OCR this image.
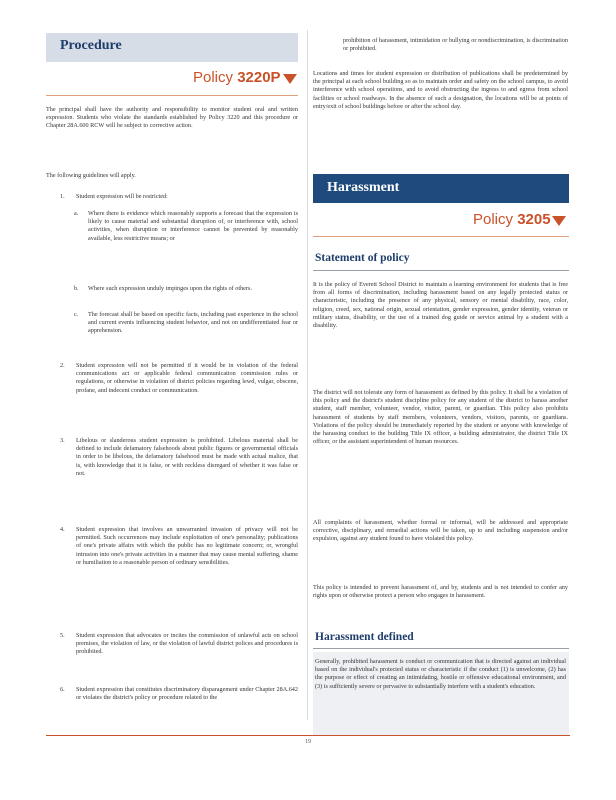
Procedure
Policy 3220P
The principal shall have the authority and responsibility to monitor student oral and written expression. Students who violate the standards established by Policy 3220 and this procedure or Chapter 28A.600 RCW will be subject to corrective action.
The following guidelines will apply.
1. Student expression will be restricted:
a. Where there is evidence which reasonably supports a forecast that the expression is likely to cause material and substantial disruption of, or interference with, school activities, when disruption or interference cannot be prevented by reasonably available, less restrictive means; or
b. Where such expression unduly impinges upon the rights of others.
c. The forecast shall be based on specific facts, including past experience in the school and current events influencing student behavior, and not on undifferentiated fear or apprehension.
2. Student expression will not be permitted if it would be in violation of the federal communications act or applicable federal communication commission rules or regulations, or otherwise in violation of district policies regarding lewd, vulgar, obscene, profane, and indecent conduct or communication.
3. Libelous or slanderous student expression is prohibited. Libelous material shall be defined to include defamatory falsehoods about public figures or governmental officials in order to be libelous, the defamatory falsehood must be made with actual malice, that is, with knowledge that it is false, or with reckless disregard of whether it was false or not.
4. Student expression that involves an unwarranted invasion of privacy will not be permitted. Such occurrences may include exploitation of one's personality; publications of one's private affairs with which the public has no legitimate concern; or, wrongful intrusion into one's private activities in a manner that may cause mental suffering, shame or humiliation to a reasonable person of ordinary sensibilities.
5. Student expression that advocates or incites the commission of unlawful acts on school premises, the violation of law, or the violation of lawful district polices and procedures is prohibited.
6. Student expression that constitutes discriminatory disparagement under Chapter 28A.642 or violates the district's policy or procedure related to the
prohibition of harassment, intimidation or bullying or nondiscrimination, is discrimination or prohibited.
Locations and times for student expression or distribution of publications shall be predetermined by the principal at each school building so as to maintain order and safety on the school campus, to avoid interference with school operations, and to avoid obstructing the ingress to and egress from school facilities or school roadways. In the absence of such a designation, the locations will be at points of entry/exit of school buildings before or after the school day.
Harassment
Policy 3205
Statement of policy
It is the policy of Everett School District to maintain a learning environment for students that is free from all forms of discrimination, including harassment based on any legally protected status or characteristic, including the presence of any physical, sensory or mental disability, race, color, religion, creed, sex, national origin, sexual orientation, gender expression, gender identity, veteran or military status, disability, or the use of a trained dog guide or service animal by a student with a disability.
The district will not tolerate any form of harassment as defined by this policy. It shall be a violation of this policy and the district's student discipline policy for any student of the district to harass another student, staff member, volunteer, vendor, visitor, parent, or guardian. This policy also prohibits harassment of students by staff members, volunteers, vendors, visitors, parents, or guardians. Violations of the policy should be immediately reported by the student or anyone with knowledge of the harassing conduct to the building Title IX officer, a building administrator, the district Title IX officer, or the assistant superintendent of human resources.
All complaints of harassment, whether formal or informal, will be addressed and appropriate corrective, disciplinary, and remedial actions will be taken, up to and including suspension and/or expulsion, against any student found to have violated this policy.
This policy is intended to prevent harassment of, and by, students and is not intended to confer any rights upon or otherwise protect a person who engages in harassment.
Harassment defined
Generally, prohibited harassment is conduct or communication that is directed against an individual based on the individual's protected status or characteristic if the conduct (1) is unwelcome, (2) has the purpose or effect of creating an intimidating, hostile or offensive educational environment, and (3) is sufficiently severe or pervasive to substantially interfere with a student's education.
19
